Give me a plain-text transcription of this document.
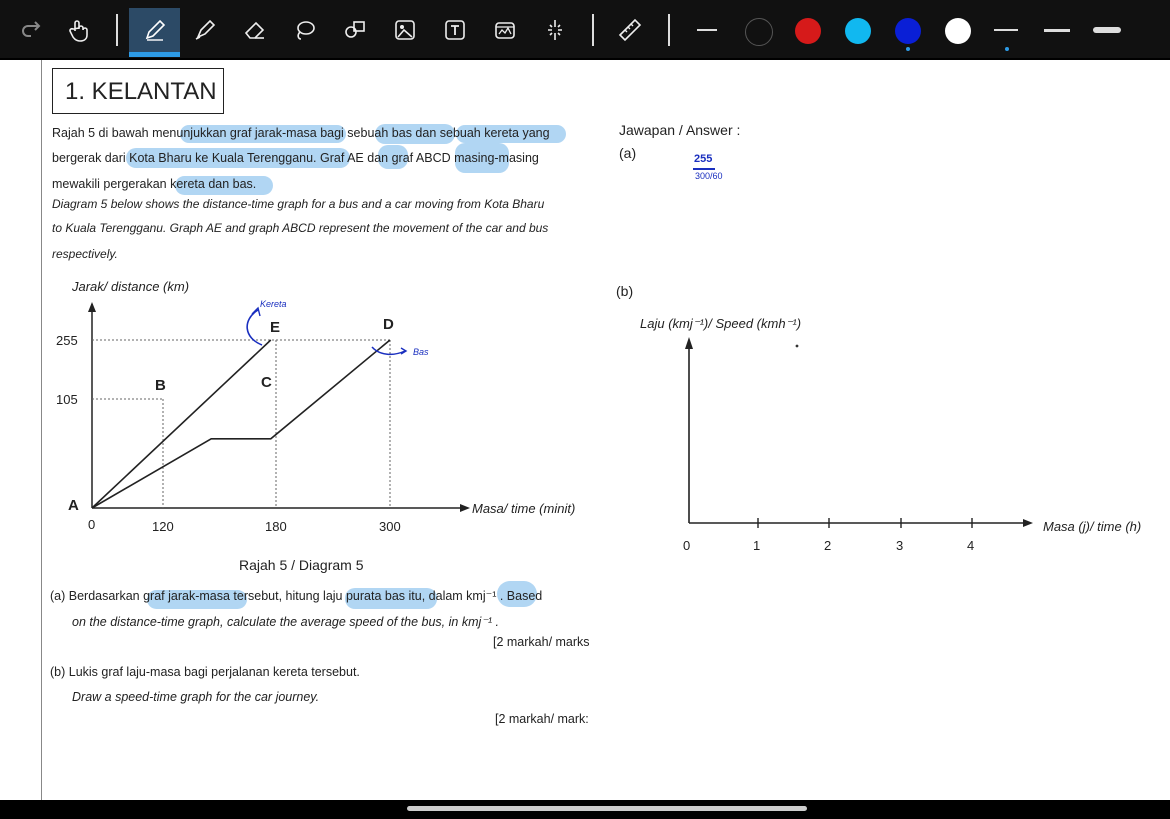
1. KELANTAN
Rajah 5 di bawah menunjukkan graf jarak-masa bagi sebuah bas dan sebuah kereta yang
bergerak dari Kota Bharu ke Kuala Terengganu. Graf AE dan graf ABCD masing-masing
mewakili pergerakan kereta dan bas.
Diagram 5 below shows the distance-time graph for a bus and a car moving from Kota Bharu
to Kuala Terengganu. Graph AE and graph ABCD represent the movement of the car and bus
respectively.
Jarak/ distance (km)
Masa/ time (minit)
255
105
0	120	180	300
A
B	C
D
E
Kereta
Bas
Rajah 5 / Diagram 5
(a) Berdasarkan graf jarak-masa tersebut, hitung laju purata bas itu, dalam kmj⁻¹ . Based
on the distance-time graph, calculate the average speed of the bus, in kmj⁻¹ .
[2 markah/ marks
(b) Lukis graf laju-masa bagi perjalanan kereta tersebut.
Draw a speed-time graph for the car journey.
[2 markah/ mark:
Jawapan / Answer :
(a)	255
300/60
(b)
Laju (kmj⁻¹)/ Speed (kmh⁻¹)
0	1	2	3	4
Masa (j)/ time (h)
